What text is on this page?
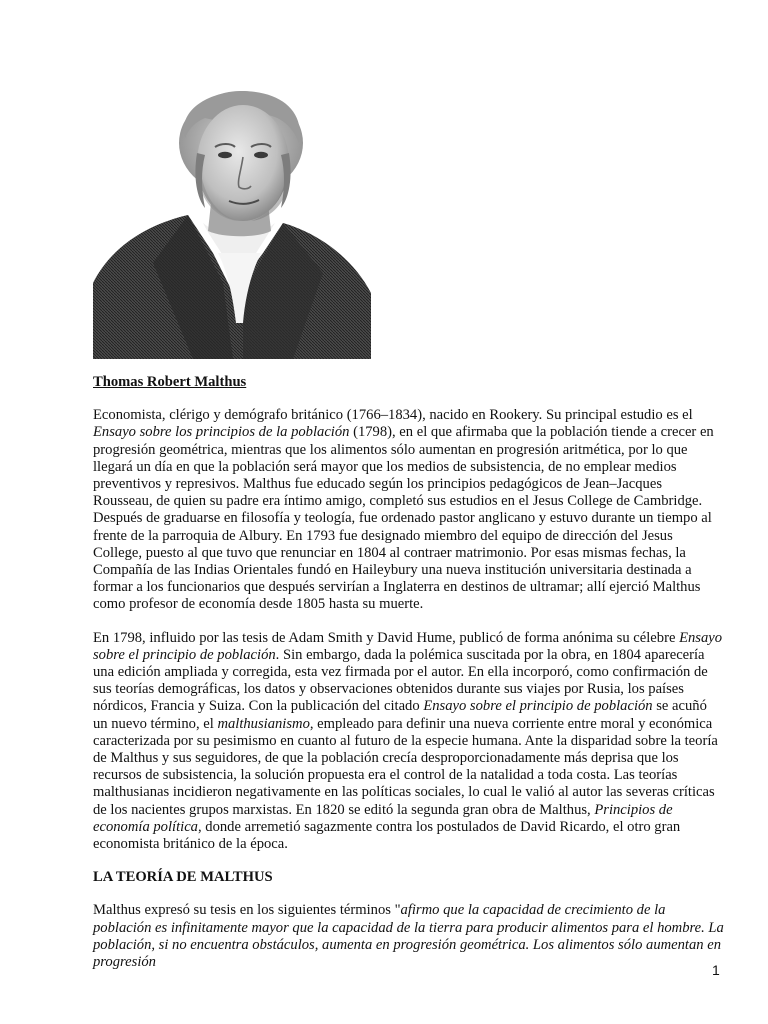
Thomas Robert Malthus

Economista, clérigo y demógrafo británico (1766–1834), nacido en Rookery. Su principal estudio es el Ensayo sobre los principios de la población (1798), en el que afirmaba que la población tiende a crecer en progresión geométrica, mientras que los alimentos sólo aumentan en progresión aritmética, por lo que llegará un día en que la población será mayor que los medios de subsistencia, de no emplear medios preventivos y represivos. Malthus fue educado según los principios pedagógicos de Jean–Jacques Rousseau, de quien su padre era íntimo amigo, completó sus estudios en el Jesus College de Cambridge. Después de graduarse en filosofía y teología, fue ordenado pastor anglicano y estuvo durante un tiempo al frente de la parroquia de Albury. En 1793 fue designado miembro del equipo de dirección del Jesus College, puesto al que tuvo que renunciar en 1804 al contraer matrimonio. Por esas mismas fechas, la Compañía de las Indias Orientales fundó en Haileybury una nueva institución universitaria destinada a formar a los funcionarios que después servirían a Inglaterra en destinos de ultramar; allí ejerció Malthus como profesor de economía desde 1805 hasta su muerte.

En 1798, influido por las tesis de Adam Smith y David Hume, publicó de forma anónima su célebre Ensayo sobre el principio de población. Sin embargo, dada la polémica suscitada por la obra, en 1804 aparecería una edición ampliada y corregida, esta vez firmada por el autor. En ella incorporó, como confirmación de sus teorías demográficas, los datos y observaciones obtenidos durante sus viajes por Rusia, los países nórdicos, Francia y Suiza. Con la publicación del citado Ensayo sobre el principio de población se acuñó un nuevo término, el malthusianismo, empleado para definir una nueva corriente entre moral y económica caracterizada por su pesimismo en cuanto al futuro de la especie humana. Ante la disparidad sobre la teoría de Malthus y sus seguidores, de que la población crecía desproporcionadamente más deprisa que los recursos de subsistencia, la solución propuesta era el control de la natalidad a toda costa. Las teorías malthusianas incidieron negativamente en las políticas sociales, lo cual le valió al autor las severas críticas de los nacientes grupos marxistas. En 1820 se editó la segunda gran obra de Malthus, Principios de economía política, donde arremetió sagazmente contra los postulados de David Ricardo, el otro gran economista británico de la época.

LA TEORÍA DE MALTHUS

Malthus expresó su tesis en los siguientes términos "afirmo que la capacidad de crecimiento de la población es infinitamente mayor que la capacidad de la tierra para producir alimentos para el hombre. La población, si no encuentra obstáculos, aumenta en progresión geométrica. Los alimentos sólo aumentan en progresión	1
